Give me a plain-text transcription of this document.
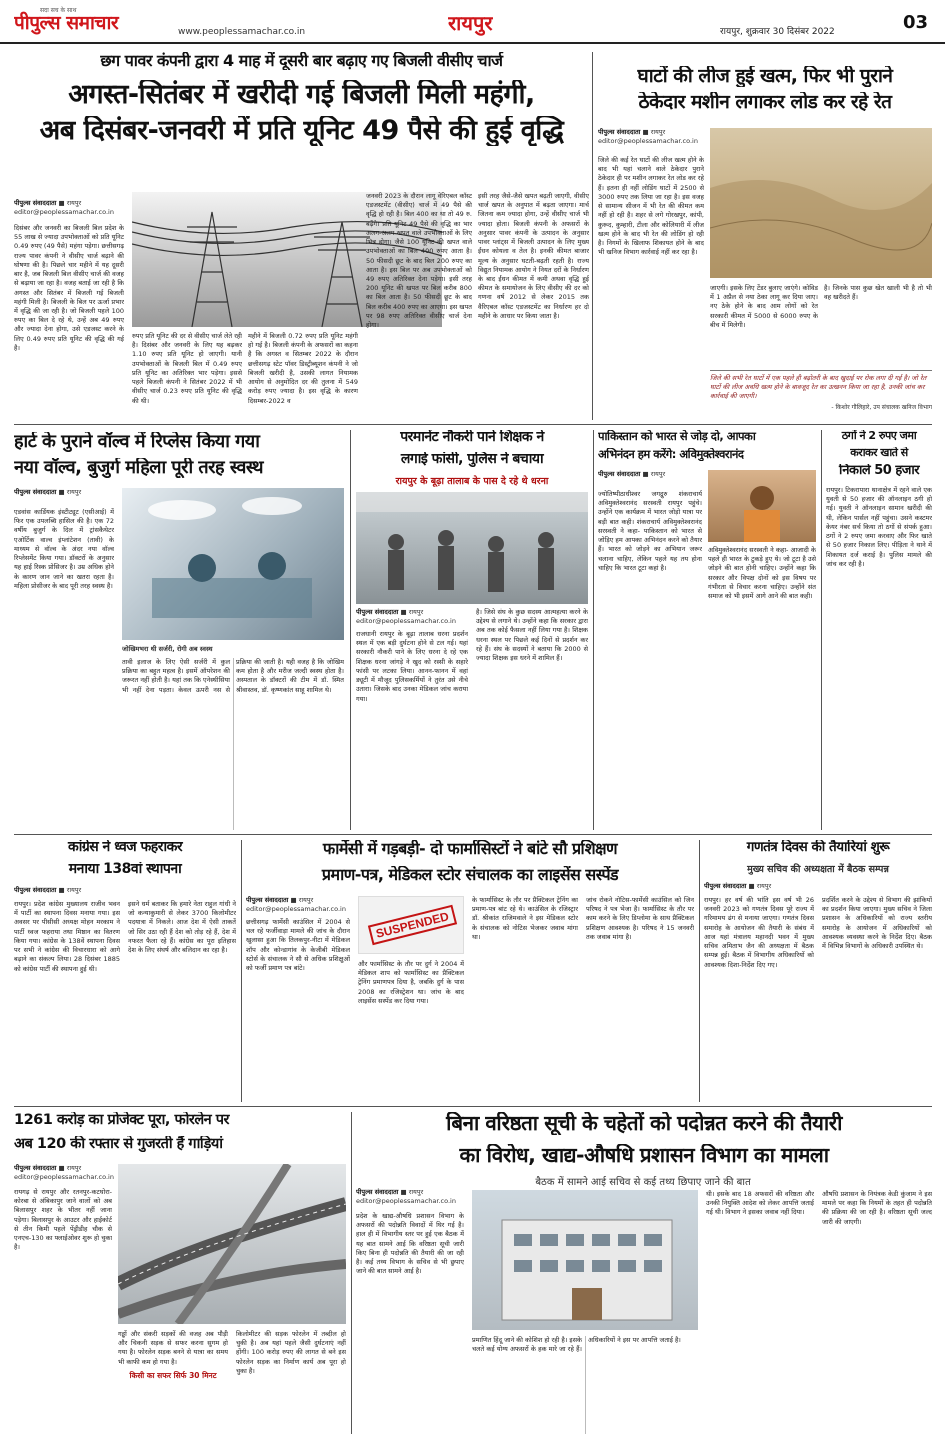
सदा सच के साथ
पीपुल्स समाचार	www.peoplessamachar.co.in	रायपुर	रायपुर, शुक्रवार 30 दिसंबर 2022	03
छग पावर कंपनी द्वारा 4 माह में दूसरी बार बढ़ाए गए बिजली वीसीए चार्ज
अगस्त-सितंबर में खरीदी गई बिजली मिली महंगी,
अब दिसंबर-जनवरी में प्रति यूनिट 49 पैसे की हुई वृद्धि
पीपुल्स संवाददाता ■ रायपुर
editor@peoplessamachar.co.in
दिसंबर और जनवरी का बिजली बिल प्रदेश के 55 लाख से ज्यादा उपभोक्ताओं को प्रति यूनिट 0.49 रुपए (49 पैसे) महंगा पड़ेगा। छत्तीसगढ़ राज्य पावर कंपनी ने वीसीए चार्ज बढ़ाने की घोषणा की है। पिछले चार महीने में यह दूसरी बार है, जब बिजली बिल वीसीए चार्ज की वजह से बढ़ाया जा रहा है। वजह बताई जा रही है कि अगस्त और सितंबर में बिजली गई बिजली महंगी मिली है। बिजली के बिल पर ऊर्जा प्रभार में वृद्धि की जा रही है। जो बिजली पहले 100 रुपए का बिल दे रहे थे, उन्हें अब 49 रुपए और ज्यादा देना होगा, उसे एडजस्ट करने के लिए 0.49 रुपए प्रति यूनिट की वृद्धि की गई है।
रुपए प्रति यूनिट की दर से वीसीए चार्ज लेते रही है। दिसंबर और जनवरी के लिए यह बढ़कर 1.10 रुपए प्रति यूनिट हो जाएगी। यानी उपभोक्ताओं के बिजली बिल में 0.49 रुपए प्रति यूनिट का अतिरिक्त भार पड़ेगा। इससे पहले बिजली कंपनी ने सितंबर 2022 में भी वीसीए चार्ज 0.23 रुपए प्रति यूनिट की वृद्धि की थी।
महीने में बिजली 0.72 रुपए प्रति यूनिट महंगी हो गई है। बिजली कंपनी के अफसरों का कहना है कि अगस्त व सितम्बर 2022 के दौरान छत्तीसगढ़ स्टेट पॉवर डिस्ट्रीब्यूशन कंपनी ने जो बिजली खरीदी है, उसकी लागत नियामक आयोग से अनुमोदित दर की तुलना में 549 करोड़ रुपए ज्यादा है। इस वृद्धि के कारण दिसम्बर-2022 व
जनवरी 2023 के दौरान लागू वेरिएबल कॉस्ट एडजस्टमेंट (वीसीए) चार्ज में 49 पैसे की वृद्धि हो रही है। बिल 400 का था तो 49 रु. बढ़ेंगे। प्रति यूनिट 49 पैसे की वृद्धि का भार अलग-अलग खपत वाले उपभोक्ताओं के लिए भिन्न होगा। जैसे 100 यूनिट की खपत वाले उपभोक्ताओं का बिल 400 रुपए आता है। 50 फीसदी छूट के बाद बिल 200 रुपए का आता है। इस बिल पर अब उपभोक्ताओं को 49 रुपए अतिरिक्त देना पड़ेगा। इसी तरह 200 यूनिट की खपत पर बिल करीब 800 का बिल आता है। 50 फीसदी छूट के बाद बिल करीब 400 रुपए का आएगा। इस खपत पर 98 रुपए अतिरिक्त वीसीए चार्ज देना होगा।
इसी तरह जैसे-जैसे खपत बढ़ती जाएगी, वीसीए चार्ज खपत के अनुपात में बढ़ता जाएगा। मार्च जितना कम ज्यादा होगा, उन्हें वीसीए चार्ज भी ज्यादा होता। बिजली कंपनी के अफसरों के अनुसार पावर कंपनी के उत्पादन के अनुसार पावर प्लांट्स में बिजली उत्पादन के लिए मुख्य ईंधन कोयला व तेल है। इनकी कीमत बाजार मूल्य के अनुसार घटती-बढ़ती रहती है। राज्य विद्युत नियामक आयोग ने नियत दरों के निर्धारण के बाद ईंधन कीमत में कमी अथवा वृद्धि हुई कीमत के समायोजन के लिए वीसीए की दर को गणना वर्ष 2012 से लेकर 2015 तक वैरिएबल कॉस्ट एडजस्टमेंट का निर्धारण हर दो महीने के आधार पर किया जाता है।
घाटों की लीज हुई खत्म, फिर भी पुराने
ठेकेदार मशीन लगाकर लोड कर रहे रेत
पीपुल्स संवाददाता ■ रायपुर
editor@peoplessamachar.co.in
जिले की कई रेत घाटों की लीज खत्म होने के बाद भी यहां चलाने वाले ठेकेदार पुराने ठेकेदार ही पर मशीन लगाकर रेत लोड कर रहे हैं। इतना ही नहीं लोडिंग घाटों में 2500 से 3000 रुपए तक लिया जा रहा है। इस वजह से सामान्य सीजन में भी रेत की कीमत कम नहीं हो रही है। शहर से लगे गोरखपुर, कांपी, कुरूद, कुम्हारी, टीला और कोलियारी में लीज खत्म होने के बाद भी रेत की लोडिंग हो रही है। निगमों के खिलाफ शिकायत होने के बाद भी खनिज विभाग कार्रवाई नहीं कर रहा है।
जाएगी। इसके लिए टेंडर बुलाए जाएंगे। कोविड में 1 अप्रैल से नया ठेका लागू कर दिया जाए। नए ठेके होने के बाद आम लोगों को रेत सरकारी कीमत में 5000 से 6000 रुपए के बीच में मिलेगी।
है। जिनके पास कुछ खेत खाली भी है तो भी वह खरीदते हैं।
जिले की सभी रेत घाटों में एक पहले ही बढ़ोतरी के बाद खुदाई पर रोक लगा दी गई है। जो रेत घाटों की लीज अवधि खत्म होने के बावजूद रेत का उत्खनन किया जा रहा है, उनकी जांच कर कार्रवाई की जाएगी।
- किशोर गौलिहारे, उप संचालक खनिज विभाग
हार्ट के पुराने वॉल्व में रिप्लेस किया गया
नया वॉल्व, बुजुर्ग महिला पूरी तरह स्वस्थ
पीपुल्स संवाददाता ■ रायपुर
एडवांस कार्डियक इंस्टीट्यूट (एसीआई) में फिर एक उपलब्धि हासिल की है। एक 72 वर्षीय बुजुर्ग के दिल में ट्रांसकैथेटर एओर्टिक वाल्व इंप्लांटेशन (तावी) के माध्यम से वॉल्व के अंदर नया वॉल्व रिप्लेसमेंट किया गया। डॉक्टरों के अनुसार यह हाई रिस्क प्रोसिजर है। उम्र अधिक होने के कारण जान जाने का खतरा रहता है। महिला प्रोसीजर के बाद पूरी तरह स्वस्थ है।
जोखिमभरा थी सर्जरी, रोगी अब स्वस्थ
तावी इलाज के लिए ऐसी सर्जरी में कुल प्रक्रिया का बहुत महत्व है। इसमें ऑपरेशन की जरूरत नहीं होती है। यहां तक कि एनेस्थीसिया भी नहीं देना पड़ता। केवल ऊपरी नस से प्रक्रिया की जाती है। यही वजह है कि जोखिम कम होता है और मरीज जल्दी स्वस्थ होता है। अस्पताल के डॉक्टरों की टीम में डॉ. स्मित श्रीवास्तव, डॉ. कृष्णकांत साहू शामिल थे।
परमानेंट नौकरी पाने शिक्षक ने
लगाई फांसी, पुलिस ने बचाया
रायपुर के बूढ़ा तालाब के पास दे रहे थे धरना
पीपुल्स संवाददाता ■ रायपुर
editor@peoplessamachar.co.in
राजधानी रायपुर के बूढ़ा तालाब धरना प्रदर्शन स्थल में एक बड़ी दुर्घटना होने से टल गई। यहां सरकारी नौकरी पाने के लिए धरना दे रहे एक शिक्षक धरना जांगड़े ने खुद को रस्सी के सहारे फांसी पर लटका लिया। आनन-फानन में वहां ड्यूटी में मौजूद पुलिसकर्मियों ने तुरंत उसे नीचे उतारा। जिसके बाद उनका मेडिकल जांच कराया गया।
है। जिसे संघ के कुछ सदस्य आत्महत्या करने के उद्देश्य से लगाने थे। उन्होंने कहा कि सरकार द्वारा अब तक कोई फैसला नहीं लिया गया है। शिक्षक धरना स्थल पर पिछले कई दिनों से प्रदर्शन कर रहे हैं। संघ के सदस्यों ने बताया कि 2000 से ज्यादा शिक्षक इस धरने में शामिल हैं।
पाकिस्तान को भारत से जोड़ दो, आपका
अभिनंदन हम करेंगे: अविमुक्तेश्वरानंद
पीपुल्स संवाददाता ■ रायपुर
ज्योतिष्पीठाधीश्वर जगद्गुरु शंकराचार्य अविमुक्तेश्वरानंद सरस्वती रायपुर पहुंचे। उन्होंने एक कार्यक्रम में भारत जोड़ो यात्रा पर बड़ी बात कही। शंकराचार्य अविमुक्तेश्वरानंद सरस्वती ने कहा- पाकिस्तान को भारत से जोड़िए हम आपका अभिनंदन करने को तैयार हैं। भारत को जोड़ने का अभियान जरूर चलाना चाहिए, लेकिन पहले यह तय होना चाहिए कि भारत टूटा कहां है।
अविमुक्तेश्वरानंद सरस्वती ने कहा- आजादी के पहले ही भारत के टुकड़े हुए थे। जो टूटा है उसे जोड़ने की बात होनी चाहिए। उन्होंने कहा कि सरकार और विपक्ष दोनों को इस विषय पर गंभीरता से विचार करना चाहिए। उन्होंने संत समाज को भी इसमें आगे आने की बात कही।
ठगों ने 2 रुपए जमा
कराकर खाते से
निकाले 50 हजार
रायपुर। टिकरापारा थानाक्षेत्र में रहने वाले एक युवती से 50 हजार की ऑनलाइन ठगी हो गई। युवती ने ऑनलाइन सामान खरीदी की थी, लेकिन पार्सल नहीं पहुंचा। उसने कस्टमर केयर नंबर सर्च किया तो ठगों से संपर्क हुआ। ठगों ने 2 रुपए जमा करवाए और फिर खाते से 50 हजार निकाल लिए। पीड़िता ने थाने में शिकायत दर्ज कराई है। पुलिस मामले की जांच कर रही है।
कांग्रेस ने ध्वज फहराकर
मनाया 138वां स्थापना
पीपुल्स संवाददाता ■ रायपुर
रायपुर। प्रदेश कांग्रेस मुख्यालय राजीव भवन में पार्टी का स्थापना दिवस मनाया गया। इस अवसर पर पीसीसी अध्यक्ष मोहन मरकाम ने पार्टी ध्वज फहराया तथा मिष्ठान का वितरण किया गया। कांग्रेस के 138वें स्थापना दिवस पर सभी ने कांग्रेस की विचारधारा को आगे बढ़ाने का संकल्प लिया। 28 दिसंबर 1885 को कांग्रेस पार्टी की स्थापना हुई थी।
इसने धर्म बताकर कि हमारे नेता राहुल गांधी ने जो कन्याकुमारी से लेकर 3700 किलोमीटर पदयात्रा में निकले। आज देश में ऐसी ताकतें जो सिर उठा रही हैं देश को तोड़ रहे हैं, देश में नफरत फैला रहे हैं। कांग्रेस का पूरा इतिहास देश के लिए संघर्ष और बलिदान का रहा है।
फार्मेसी में गड़बड़ी- दो फार्मासिस्टों ने बांटे सौ प्रशिक्षण
प्रमाण-पत्र, मेडिकल स्टोर संचालक का लाइसेंस सस्पेंड
पीपुल्स संवाददाता ■ रायपुर
editor@peoplessamachar.co.in
छत्तीसगढ़ फार्मेसी काउंसिल में 2004 से चल रहे फर्जीवाड़ा मामले की जांच के दौरान खुलासा हुआ कि तिलकपुर-नीटा में मेडिकल शॉप और कोन्डागांव के केजीबी मेडिकल स्टोर्स के संचालक ने सौ से अधिक प्रशिक्षुओं को फर्जी प्रमाण पत्र बांटे।
SUSPENDED
और फार्मासिस्ट के तौर पर दुर्ग ने 2004 में मेडिकल शाप को फार्मासिस्ट का प्रैक्टिकल ट्रेनिंग प्रमाणपत्र दिया है, जबकि दुर्ग के पास 2008 का रजिस्ट्रेशन था। जांच के बाद लाइसेंस सस्पेंड कर दिया गया।
के फार्मासिस्ट के तौर पर प्रैक्टिकल ट्रेनिंग का प्रमाण-पत्र बांट रहे थे। काउंसिल के रजिस्ट्रार डॉ. श्रीकांत राजिमवाले ने इस मेडिकल स्टोर के संचालक को नोटिस भेजकर जवाब मांगा था।
जांच रोकने नोटिस-फार्मेसी काउंसिल को जिन परिषद ने पत्र भेजा है। फार्मासिस्ट के तौर पर काम करने के लिए डिप्लोमा के साथ प्रैक्टिकल प्रशिक्षण आवश्यक है। परिषद ने 15 जनवरी तक जवाब मांगा है।
गणतंत्र दिवस की तैयारियां शुरू
मुख्य सचिव की अध्यक्षता में बैठक सम्पन्न
पीपुल्स संवाददाता ■ रायपुर
रायपुर। हर वर्ष की भांति इस वर्ष भी 26 जनवरी 2023 को गणतंत्र दिवस पूरे राज्य में गरिमामय ढंग से मनाया जाएगा। गणतंत्र दिवस समारोह के आयोजन की तैयारी के संबंध में आज यहां मंत्रालय महानदी भवन में मुख्य सचिव अमिताभ जैन की अध्यक्षता में बैठक सम्पन्न हुई। बैठक में विभागीय अधिकारियों को आवश्यक दिशा-निर्देश दिए गए।
प्रदर्शित करने के उद्देश्य से विभाग की झांकियों का प्रदर्शन किया जाएगा। मुख्य सचिव ने जिला प्रशासन के अधिकारियों को राज्य स्तरीय समारोह के आयोजन में अधिकारियों को आवश्यक व्यवस्था करने के निर्देश दिए। बैठक में विभिन्न विभागों के अधिकारी उपस्थित थे।
1261 करोड़ का प्रोजेक्ट पूरा, फोरलेन पर
अब 120 की रफ्तार से गुजरती हैं गाड़ियां
पीपुल्स संवाददाता ■ रायपुर
editor@peoplessamachar.co.in
रायगढ़ से रायपुर और रतनपुर-कटघोरा-कोरबा से अंबिकापुर जाने वालों को अब बिलासपुर शहर के भीतर नहीं जाना पड़ेगा। बिलासपुर के आउटर और हाईकोर्ट से तीन किमी पहले पेंड्रीडीह चौक से एनएच-130 का फ्लाईओवर शुरू हो चुका है।
गड्ढों और संकरी सड़कों की वजह अब पौड़ी और चिकनी सड़क से सफर करना सुगम हो गया है। फोरलेन सड़क बनने से यात्रा का समय भी काफी कम हो गया है।
किसी का सफर सिर्फ 30 मिनट
किलोमीटर की सड़क फोरलेन में तब्दील हो चुकी है। अब यहां पहले जैसी दुर्घटनाएं नहीं होंगी। 100 करोड़ रुपए की लागत से बने इस फोरलेन सड़क का निर्माण कार्य अब पूरा हो चुका है।
बिना वरिष्ठता सूची के चहेतों को पदोन्नत करने की तैयारी
का विरोध, खाद्य-औषधि प्रशासन विभाग का मामला
बैठक में सामने आई सचिव से कई तथ्य छिपाए जाने की बात
पीपुल्स संवाददाता ■ रायपुर
editor@peoplessamachar.co.in
प्रदेश के खाद्य-औषधि प्रशासन विभाग के अफसरों की पदोन्नति विवादों में घिर गई है। हाल ही में विभागीय स्तर पर हुई एक बैठक में यह बात सामने आई कि वरिष्ठता सूची जारी किए बिना ही पदोन्नति की तैयारी की जा रही है। कई तथ्य विभाग के सचिव से भी छुपाए जाने की बात सामने आई है।
प्रमाणित हिंदू जाने की कोशिश हो रही है। इसके चलते कई योग्य अफसरों के हक मारे जा रहे हैं। अधिकारियों ने इस पर आपत्ति जताई है।
थी। इसके बाद 18 अफसरों की वरिष्ठता और उनकी नियुक्ति आदेश को लेकर आपत्ति जताई गई थी। विभाग ने इसका जवाब नहीं दिया।
औषधि प्रशासन के नियंत्रक केडी कुंजाम ने इस मामले पर कहा कि नियमों के तहत ही पदोन्नति की प्रक्रिया की जा रही है। वरिष्ठता सूची जल्द जारी की जाएगी।
